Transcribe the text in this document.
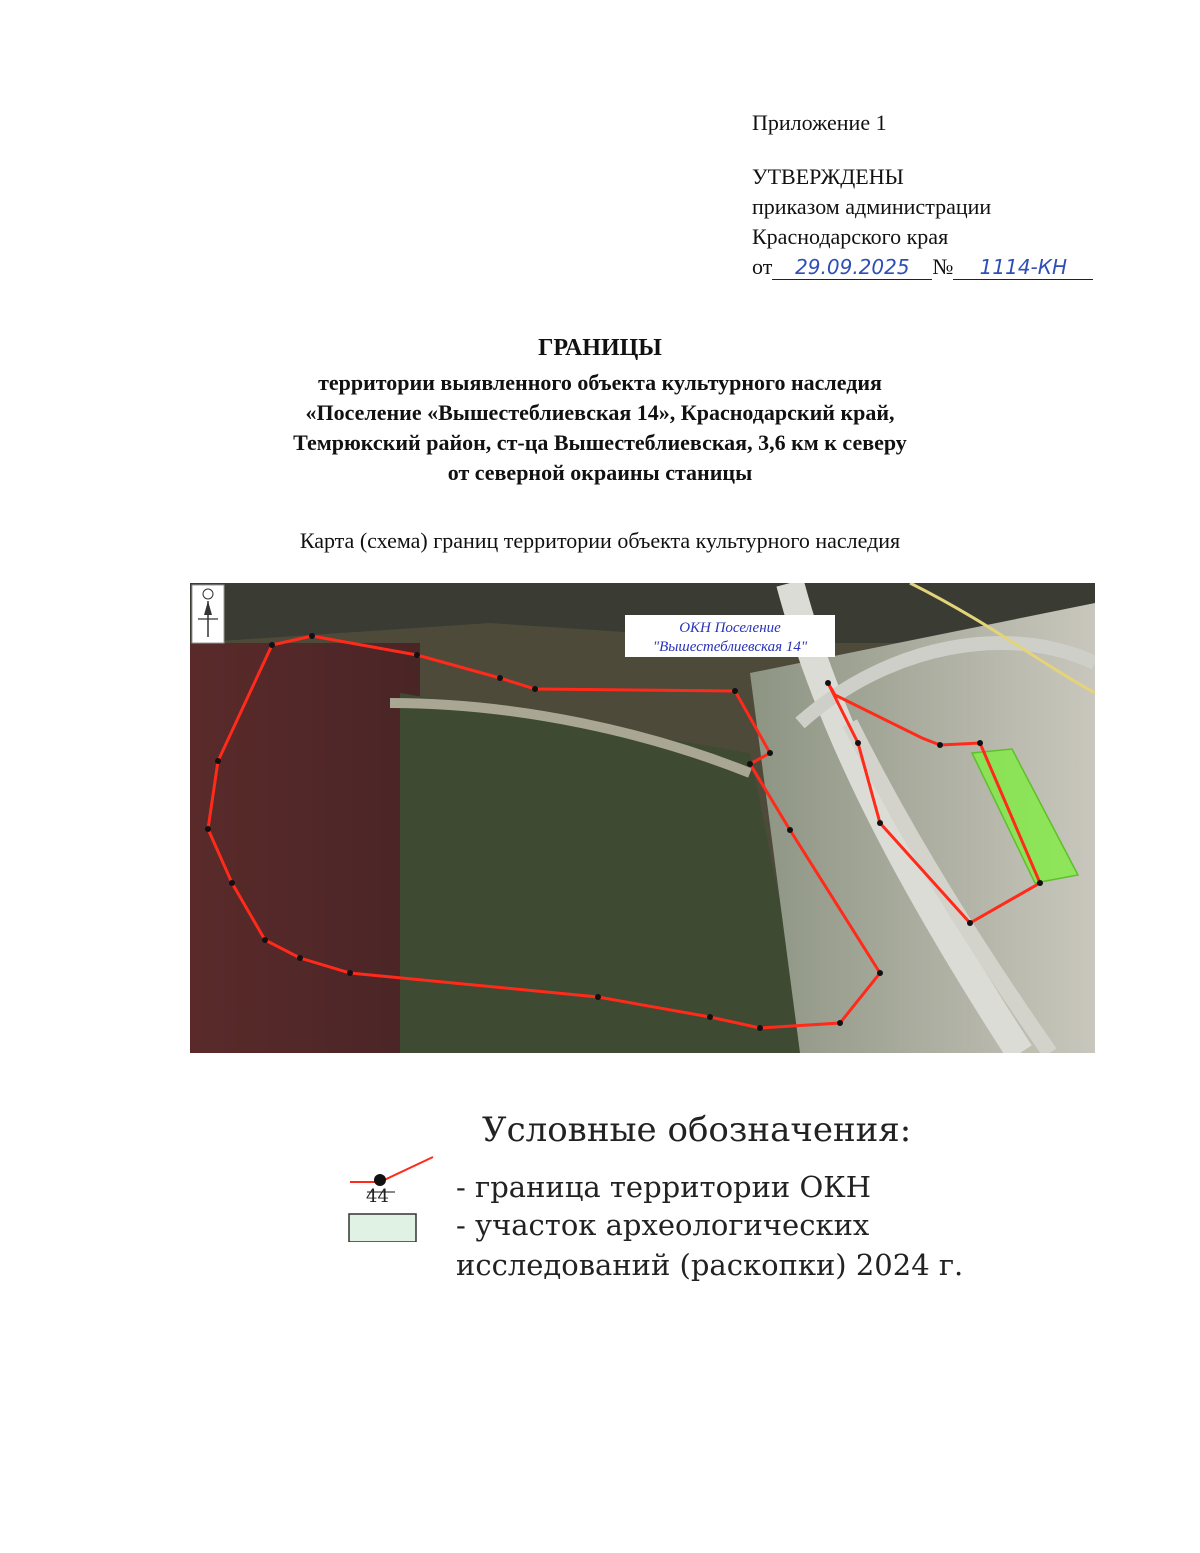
Приложение 1
УТВЕРЖДЕНЫ
приказом администрации
Краснодарского края
от 29.09.2025 № 1114-КН
ГРАНИЦЫ
территории выявленного объекта культурного наследия
«Поселение «Вышестеблиевская 14», Краснодарский край,
Темрюкский район, ст-ца Вышестеблиевская, 3,6 км к северу
от северной окраины станицы
Карта (схема) границ территории объекта культурного наследия
ОКН Поселение
"Вышестеблиевская 14"
Условные обозначения:
44 - граница территории ОКН
- участок археологических
исследований (раскопки) 2024 г.
